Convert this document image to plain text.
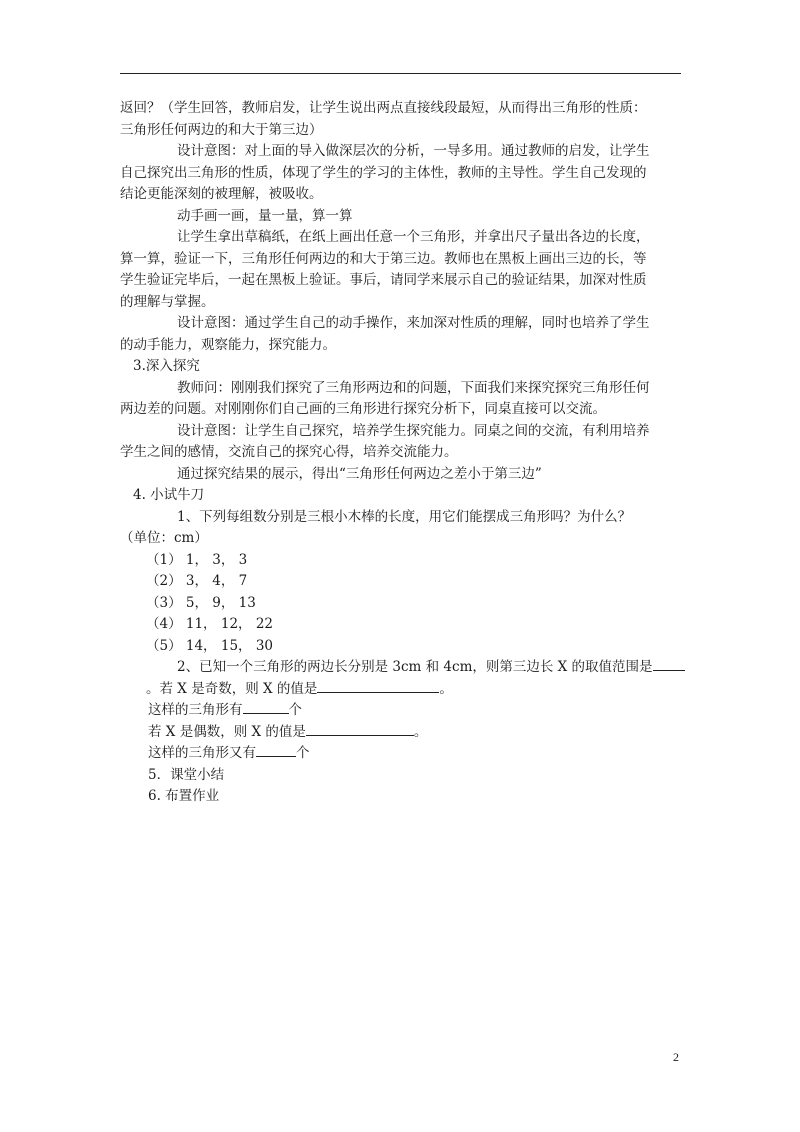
返回？（学生回答，教师启发，让学生说出两点直接线段最短，从而得出三角形的性质：
三角形任何两边的和大于第三边）
设计意图：对上面的导入做深层次的分析，一导多用。通过教师的启发，让学生
自己探究出三角形的性质，体现了学生的学习的主体性，教师的主导性。学生自己发现的
结论更能深刻的被理解，被吸收。
动手画一画，量一量，算一算
让学生拿出草稿纸，在纸上画出任意一个三角形，并拿出尺子量出各边的长度，
算一算，验证一下，三角形任何两边的和大于第三边。教师也在黑板上画出三边的长，等
学生验证完毕后，一起在黑板上验证。事后，请同学来展示自己的验证结果，加深对性质
的理解与掌握。
设计意图：通过学生自己的动手操作，来加深对性质的理解，同时也培养了学生
的动手能力，观察能力，探究能力。
3.深入探究
教师问：刚刚我们探究了三角形两边和的问题，下面我们来探究探究三角形任何
两边差的问题。对刚刚你们自己画的三角形进行探究分析下，同桌直接可以交流。
设计意图：让学生自己探究，培养学生探究能力。同桌之间的交流，有利用培养
学生之间的感情，交流自己的探究心得，培养交流能力。
通过探究结果的展示，得出“三角形任何两边之差小于第三边”
4. 小试牛刀
1、下列每组数分别是三根小木棒的长度，用它们能摆成三角形吗？为什么？
（单位：cm）
（1） 1， 3， 3
（2） 3， 4， 7
（3） 5， 9， 13
（4） 11， 12， 22
（5） 14， 15， 30
2、已知一个三角形的两边长分别是 3cm 和 4cm，则第三边长 X 的取值范围是
。若 X 是奇数，则 X 的值是	。
这样的三角形有	个
若 X 是偶数，则 X 的值是	。
这样的三角形又有	个
5．课堂小结
6. 布置作业
2
